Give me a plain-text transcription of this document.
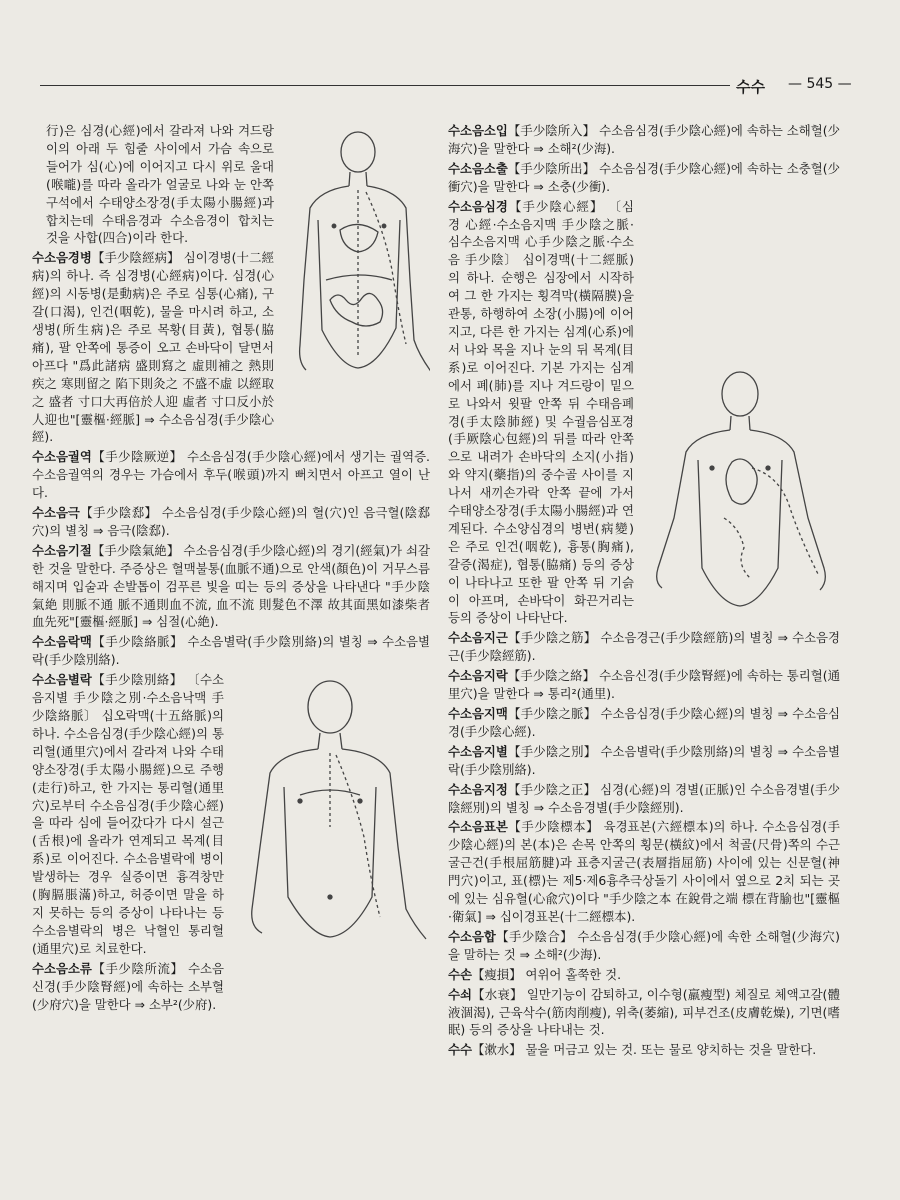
수수 — 545 —

行)은 심경(心經)에서 갈라져 나와 겨드랑이의 아래 두 힘줄 사이에서 가슴 속으로 들어가 심(心)에 이어지고 다시 위로 울대(喉嚨)를 따라 올라가 얼굴로 나와 눈 안쪽 구석에서 수태양소장경(手太陽小腸經)과 합치는데 수태음경과 수소음경이 합치는 것을 사합(四合)이라 한다.

수소음경병【手少陰經病】 심이경병(十二經病)의 하나. 즉 심경병(心經病)이다. 심경(心經)의 시동병(是動病)은 주로 심통(心痛), 구갈(口渴), 인건(咽乾), 물을 마시려 하고, 소생병(所生病)은 주로 목황(目黃), 협통(脇痛), 팔 안쪽에 통증이 오고 손바닥이 달면서 아프다 "爲此諸病 盛則寫之 虛則補之 熱則疾之 寒則留之 陷下則灸之 不盛不虛 以經取之 盛者 寸口大再倍於人迎 虛者 寸口反小於人迎也"[靈樞·經脈] ⇒ 수소음심경(手少陰心經).

수소음궐역【手少陰厥逆】 수소음심경(手少陰心經)에서 생기는 궐역증. 수소음궐역의 경우는 가슴에서 후두(喉頭)까지 뻐치면서 아프고 열이 난다.

수소음극【手少陰郄】 수소음심경(手少陰心經)의 혈(穴)인 음극혈(陰郄穴)의 별칭 ⇒ 음극(陰郄).

수소음기절【手少陰氣絶】 수소음심경(手少陰心經)의 경기(經氣)가 쇠갈한 것을 말한다. 주증상은 혈맥불통(血脈不通)으로 안색(顏色)이 거무스름해지며 입술과 손발톱이 검푸른 빛을 띠는 등의 증상을 나타낸다 "手少陰氣絶 則脈不通 脈不通則血不流, 血不流 則髮色不澤 故其面黑如漆柴者 血先死"[靈樞·經脈] ⇒ 심절(心絶).

수소음락맥【手少陰絡脈】 수소음별락(手少陰別絡)의 별칭 ⇒ 수소음별락(手少陰別絡).

수소음별락【手少陰別絡】 〔수소음지별 手少陰之別·수소음낙맥 手少陰絡脈〕 십오락맥(十五絡脈)의 하나. 수소음심경(手少陰心經)의 통리혈(通里穴)에서 갈라져 나와 수태양소장경(手太陽小腸經)으로 주행(走行)하고, 한 가지는 통리혈(通里穴)로부터 수소음심경(手少陰心經)을 따라 심에 들어갔다가 다시 설근(舌根)에 올라가 연계되고 목계(目系)로 이어진다. 수소음별락에 병이 발생하는 경우 실증이면 흉격창만(胸膈脹滿)하고, 허증이면 말을 하지 못하는 등의 증상이 나타나는 등 수소음별락의 병은 낙혈인 통리혈(通里穴)로 치료한다.

수소음소류【手少陰所流】 수소음신경(手少陰腎經)에 속하는 소부혈(少府穴)을 말한다 ⇒ 소부²(少府).

수소음소입【手少陰所入】 수소음심경(手少陰心經)에 속하는 소해혈(少海穴)을 말한다 ⇒ 소해²(少海).

수소음소출【手少陰所出】 수소음심경(手少陰心經)에 속하는 소충혈(少衝穴)을 말한다 ⇒ 소충(少衝).

수소음심경【手少陰心經】 〔심경 心經·수소음지맥 手少陰之脈·심수소음지맥 心手少陰之脈·수소음 手少陰〕 십이경맥(十二經脈)의 하나. 순행은 심장에서 시작하여 그 한 가지는 횡격막(橫隔膜)을 관통, 하행하여 소장(小腸)에 이어지고, 다른 한 가지는 심계(心系)에서 나와 목을 지나 눈의 뒤 목계(目系)로 이어진다. 기본 가지는 심계에서 폐(肺)를 지나 겨드랑이 밑으로 나와서 윗팔 안쪽 뒤 수태음폐경(手太陰肺經) 및 수궐음심포경(手厥陰心包經)의 뒤를 따라 안쪽으로 내려가 손바닥의 소지(小指)와 약지(藥指)의 중수골 사이를 지나서 새끼손가락 안쪽 끝에 가서 수태양소장경(手太陽小腸經)과 연계된다. 수소양심경의 병변(病變)은 주로 인건(咽乾), 흉통(胸痛), 갈증(渴症), 협통(脇痛) 등의 증상이 나타나고 또한 팔 안쪽 뒤 기슭이 아프며, 손바닥이 화끈거리는 등의 증상이 나타난다.

수소음지근【手少陰之筋】 수소음경근(手少陰經筋)의 별칭 ⇒ 수소음경근(手少陰經筋).

수소음지락【手少陰之絡】 수소음신경(手少陰腎經)에 속하는 통리혈(通里穴)을 말한다 ⇒ 통리²(通里).

수소음지맥【手少陰之脈】 수소음심경(手少陰心經)의 별칭 ⇒ 수소음심경(手少陰心經).

수소음지별【手少陰之別】 수소음별락(手少陰別絡)의 별칭 ⇒ 수소음별락(手少陰別絡).

수소음지정【手少陰之正】 심경(心經)의 경별(正脈)인 수소음경별(手少陰經別)의 별칭 ⇒ 수소음경별(手少陰經別).

수소음표본【手少陰標本】 육경표본(六經標本)의 하나. 수소음심경(手少陰心經)의 본(本)은 손목 안쪽의 횡문(橫紋)에서 척골(尺骨)쪽의 수근굴근건(手根屈筋腱)과 표층지굴근(表層指屈筋) 사이에 있는 신문혈(神門穴)이고, 표(標)는 제5·제6흉추극상돌기 사이에서 옆으로 2치 되는 곳에 있는 심유혈(心兪穴)이다 "手少陰之本 在銳骨之端 標在背腧也"[靈樞·衛氣] ⇒ 십이경표본(十二經標本).

수소음합【手少陰合】 수소음심경(手少陰心經)에 속한 소해혈(少海穴)을 말하는 것 ⇒ 소해²(少海).

수손【瘦損】 여위어 홀쭉한 것.

수쇠【水衰】 일만기능이 감퇴하고, 이수형(羸瘦型) 체질로 체액고갈(體液涸渴), 근육삭수(筋肉削瘦), 위축(萎縮), 피부건조(皮膚乾燥), 기면(嗜眠) 등의 증상을 나타내는 것.

수수【漱水】 물을 머금고 있는 것. 또는 물로 양치하는 것을 말한다.
